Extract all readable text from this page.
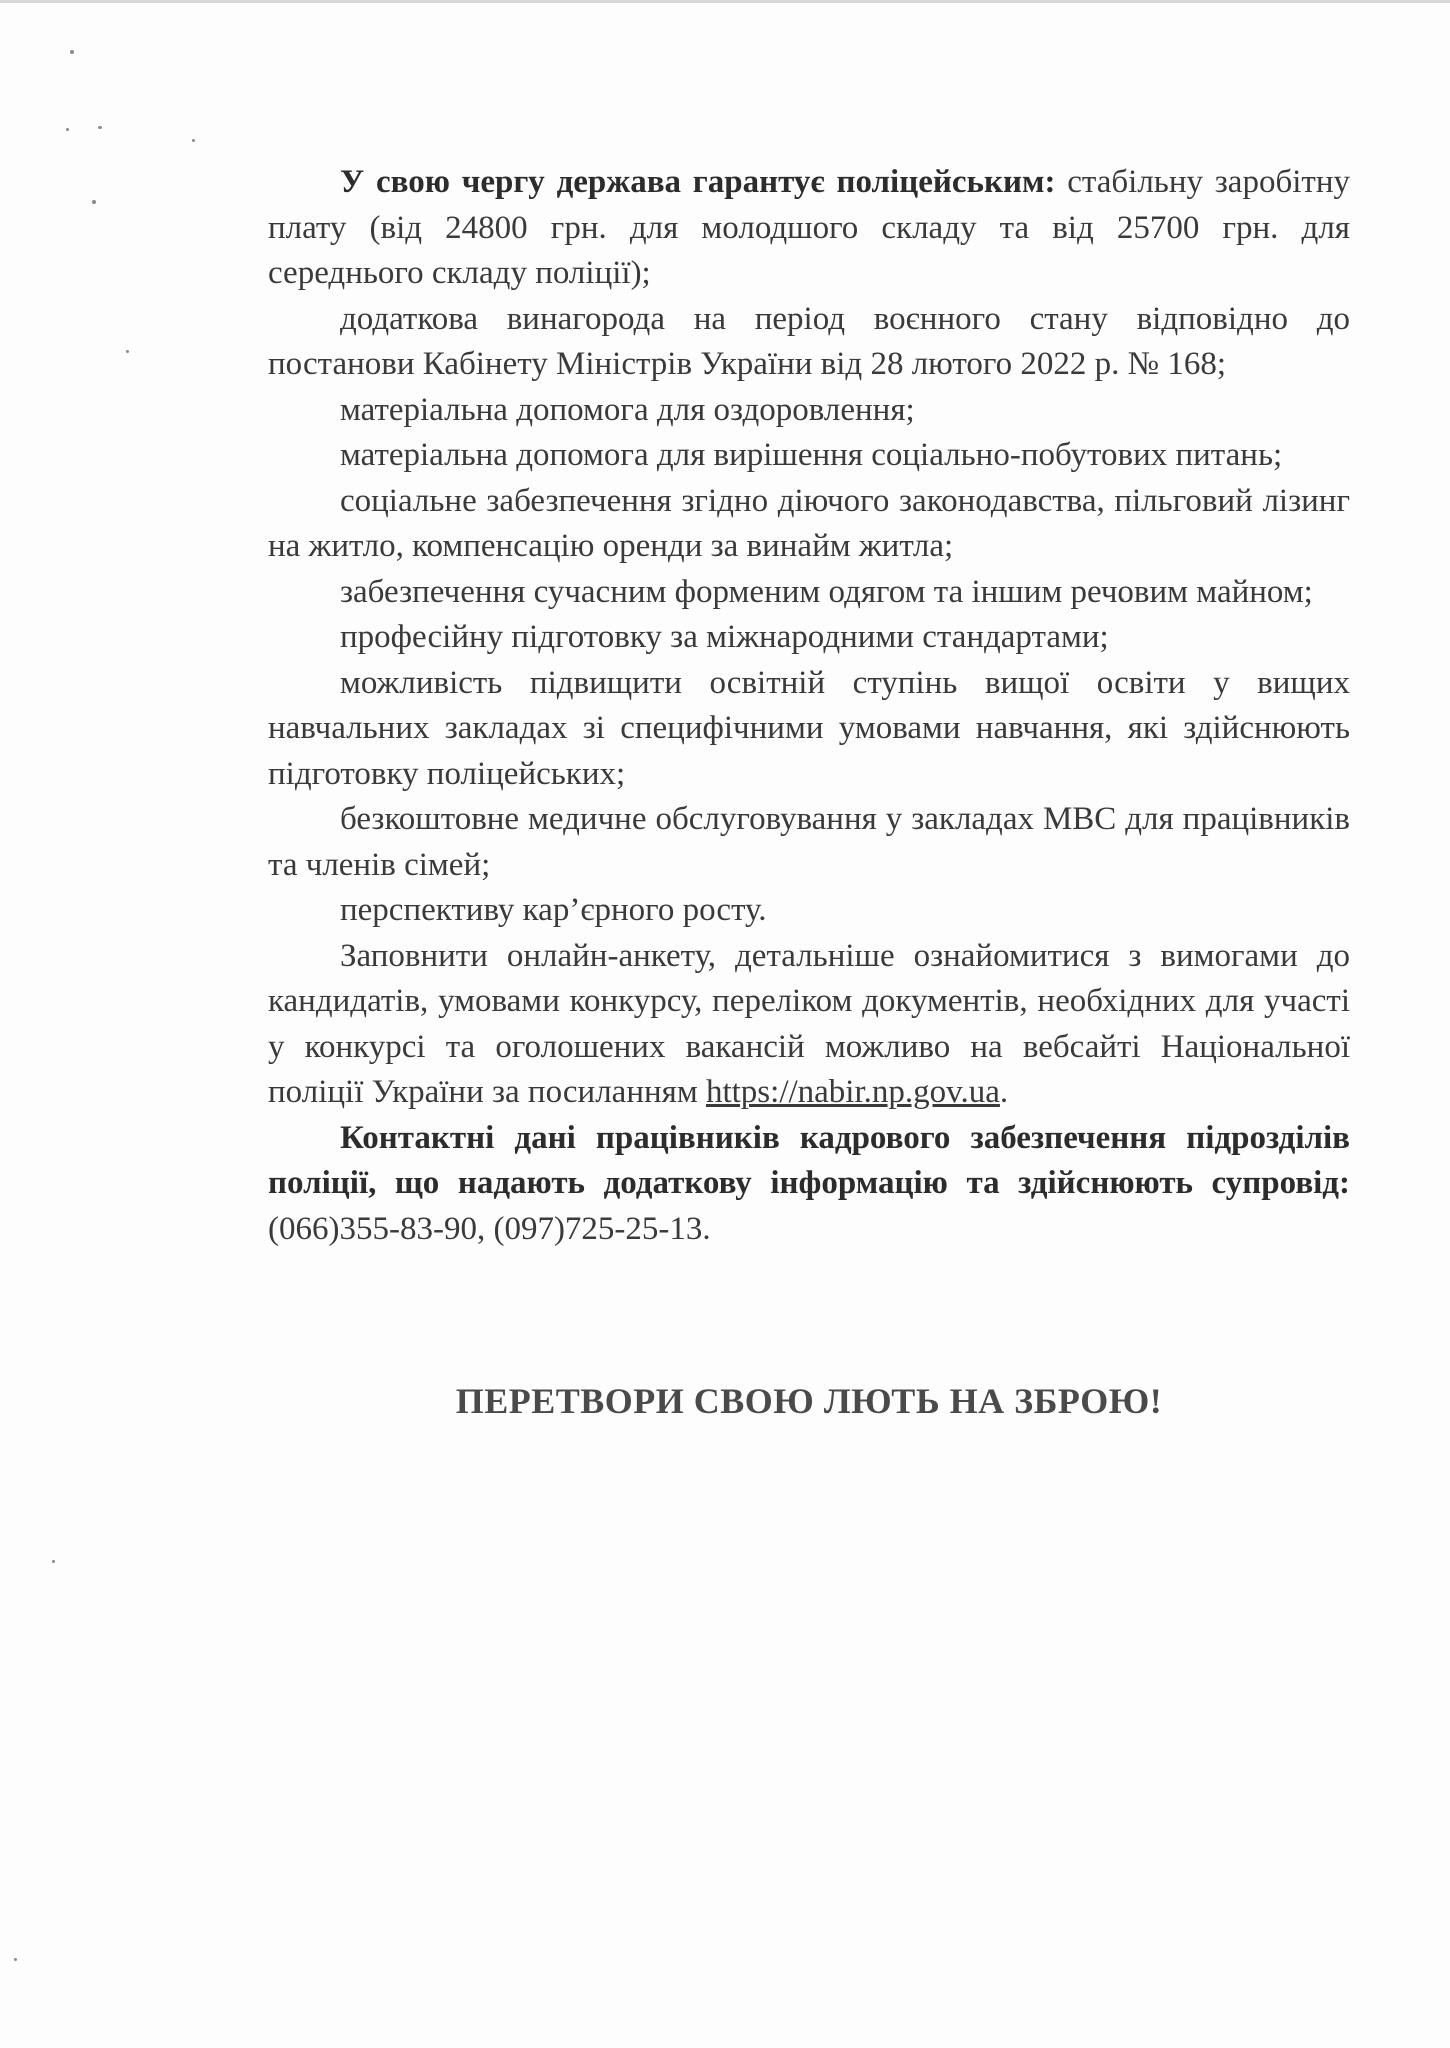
У свою чергу держава гарантує поліцейським: стабільну заробітну плату (від 24800 грн. для молодшого складу та від 25700 грн. для середнього складу поліції);

додаткова винагорода на період воєнного стану відповідно до постанови Кабінету Міністрів України від 28 лютого 2022 р. № 168;

матеріальна допомога для оздоровлення;

матеріальна допомога для вирішення соціально-побутових питань;

соціальне забезпечення згідно діючого законодавства, пільговий лізинг на житло, компенсацію оренди за винайм житла;

забезпечення сучасним форменим одягом та іншим речовим майном;

професійну підготовку за міжнародними стандартами;

можливість підвищити освітній ступінь вищої освіти у вищих навчальних закладах зі специфічними умовами навчання, які здійснюють підготовку поліцейських;

безкоштовне медичне обслуговування у закладах МВС для працівників та членів сімей;

перспективу кар’єрного росту.

Заповнити онлайн-анкету, детальніше ознайомитися з вимогами до кандидатів, умовами конкурсу, переліком документів, необхідних для участі у конкурсі та оголошених вакансій можливо на вебсайті Національної поліції України за посиланням https://nabir.np.gov.ua.

Контактні дані працівників кадрового забезпечення підрозділів поліції, що надають додаткову інформацію та здійснюють супровід: (066)355-83-90, (097)725-25-13.

ПЕРЕТВОРИ СВОЮ ЛЮТЬ НА ЗБРОЮ!
